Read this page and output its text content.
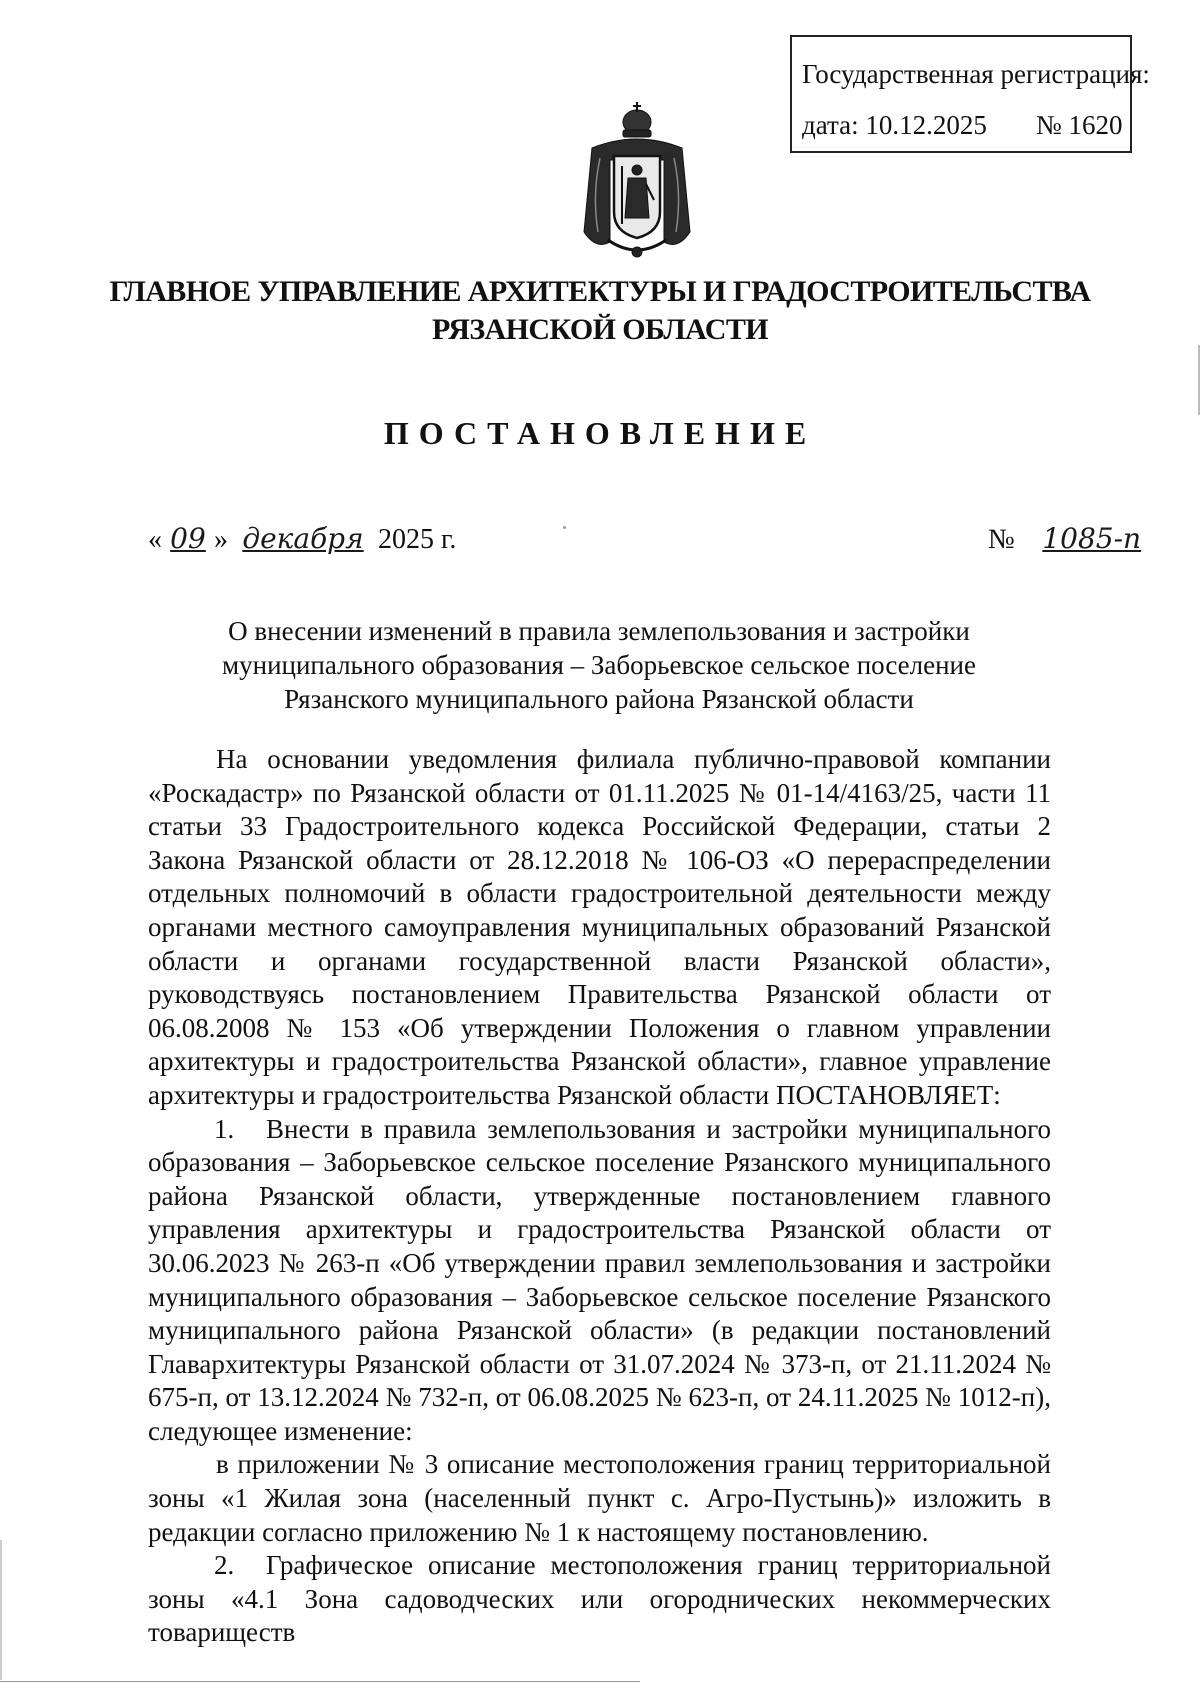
Государственная регистрация:
дата: 10.12.2025 № 1620
ГЛАВНОЕ УПРАВЛЕНИЕ АРХИТЕКТУРЫ И ГРАДОСТРОИТЕЛЬСТВА
РЯЗАНСКОЙ ОБЛАСТИ
ПОСТАНОВЛЕНИЕ
« 09 » декабря 2025 г.	№ 1085-п
О внесении изменений в правила землепользования и застройки
муниципального образования – Заборьевское сельское поселение
Рязанского муниципального района Рязанской области

На основании уведомления филиала публично-правовой компании «Роскадастр» по Рязанской области от 01.11.2025 № 01-14/4163/25, части 11 статьи 33 Градостроительного кодекса Российской Федерации, статьи 2 Закона Рязанской области от 28.12.2018 № 106-ОЗ «О перераспределении отдельных полномочий в области градостроительной деятельности между органами местного самоуправления муниципальных образований Рязанской области и органами государственной власти Рязанской области», руководствуясь постановлением Правительства Рязанской области от 06.08.2008 № 153 «Об утверждении Положения о главном управлении архитектуры и градостроительства Рязанской области», главное управление архитектуры и градостроительства Рязанской области ПОСТАНОВЛЯЕТ:

1. Внести в правила землепользования и застройки муниципального образования – Заборьевское сельское поселение Рязанского муниципального района Рязанской области, утвержденные постановлением главного управления архитектуры и градостроительства Рязанской области от 30.06.2023 № 263-п «Об утверждении правил землепользования и застройки муниципального образования – Заборьевское сельское поселение Рязанского муниципального района Рязанской области» (в редакции постановлений Главархитектуры Рязанской области от 31.07.2024 № 373-п, от 21.11.2024 № 675-п, от 13.12.2024 № 732-п, от 06.08.2025 № 623-п, от 24.11.2025 № 1012-п), следующее изменение:

в приложении № 3 описание местоположения границ территориальной зоны «1 Жилая зона (населенный пункт с. Агро-Пустынь)» изложить в редакции согласно приложению № 1 к настоящему постановлению.

2. Графическое описание местоположения границ территориальной зоны «4.1 Зона садоводческих или огороднических некоммерческих товариществ
